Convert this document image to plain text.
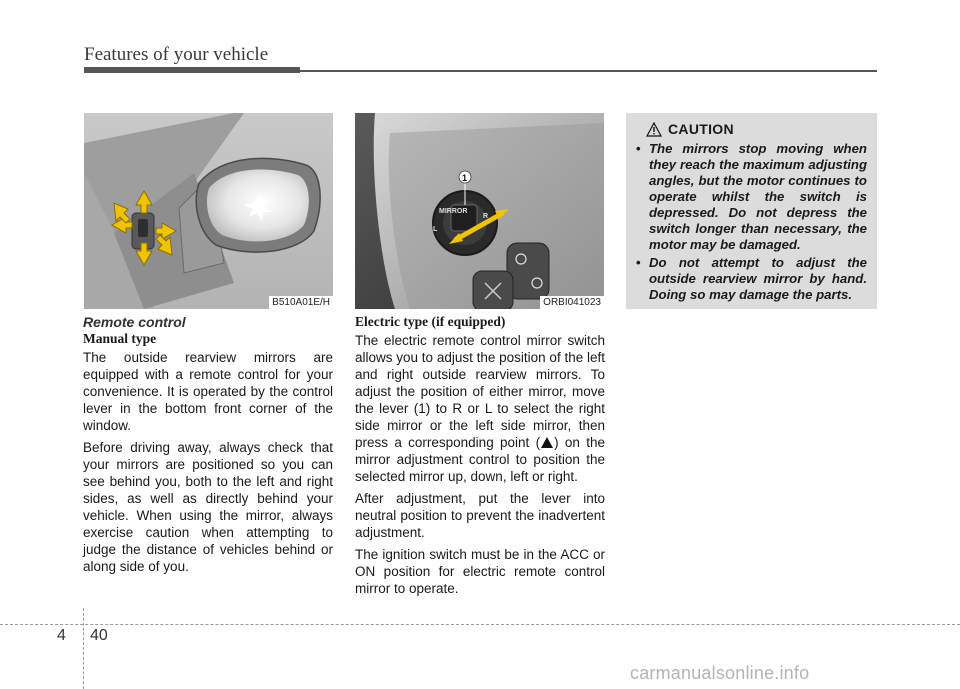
Features of your vehicle
B510A01E/H
MIRROR
L
R
1
ORBI041023
CAUTION
• The mirrors stop moving when they reach the maximum adjusting angles, but the motor continues to operate whilst the switch is depressed. Do not depress the switch longer than necessary, the motor may be damaged.
• Do not attempt to adjust the outside rearview mirror by hand. Doing so may damage the parts.
Remote control
Manual type

The outside rearview mirrors are equipped with a remote control for your convenience. It is operated by the control lever in the bottom front corner of the window.

Before driving away, always check that your mirrors are positioned so you can see behind you, both to the left and right sides, as well as directly behind your vehicle. When using the mirror, always exercise caution when attempting to judge the distance of vehicles behind or along side of you.

Electric type (if equipped)

The electric remote control mirror switch allows you to adjust the position of the left and right outside rearview mirrors. To adjust the position of either mirror, move the lever (1) to R or L to select the right side mirror or the left side mirror, then press a corresponding point ( ) on the mirror adjustment control to position the selected mirror up, down, left or right.

After adjustment, put the lever into neutral position to prevent the inadvertent adjustment.

The ignition switch must be in the ACC or ON position for electric remote control mirror to operate.

4 40
carmanualsonline.info
